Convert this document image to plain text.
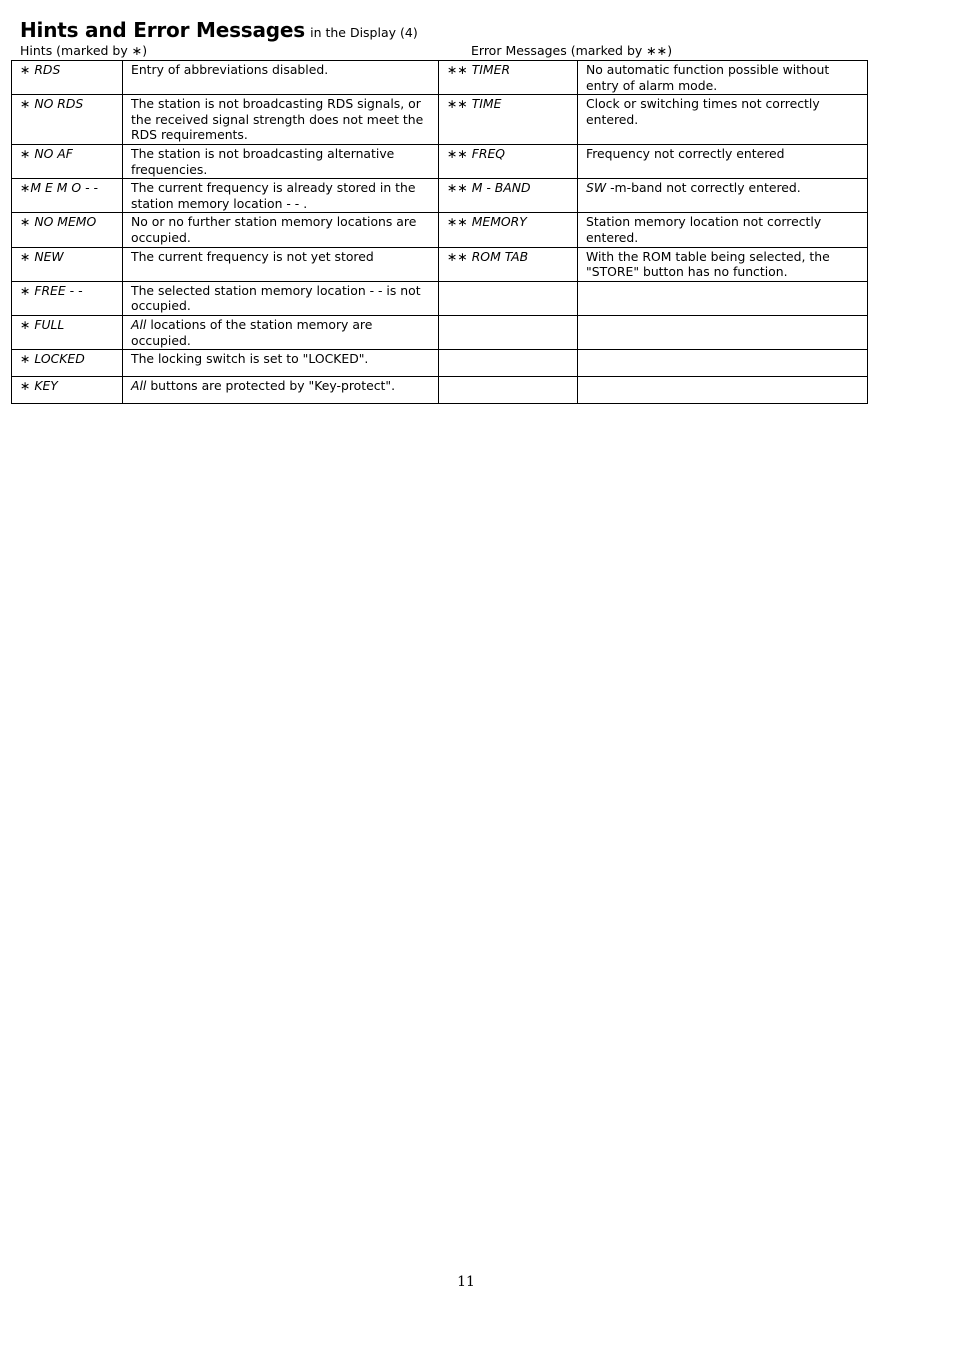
Hints and Error Messages in the Display (4)
Hints (marked by ∗)	Error Messages (marked by ∗∗)
∗ RDS	Entry of abbreviations disabled.	∗∗ TIMER	No automatic function possible without entry of alarm mode.
∗ NO RDS	The station is not broadcasting RDS signals, or the received signal strength does not meet the RDS requirements.	∗∗ TIME	Clock or switching times not correctly entered.
∗ NO AF	The station is not broadcasting alternative frequencies.	∗∗ FREQ	Frequency not correctly entered
∗M E M O - -	The current frequency is already stored in the station memory location - - .	∗∗ M - BAND	SW -m-band not correctly entered.
∗ NO MEMO	No or no further station memory locations are occupied.	∗∗ MEMORY	Station memory location not correctly entered.
∗ NEW	The current frequency is not yet stored	∗∗ ROM TAB	With the ROM table being selected, the "STORE" button has no function.
∗ FREE - -	The selected station memory location - - is not occupied.		
∗ FULL	All locations of the station memory are occupied.		
∗ LOCKED	The locking switch is set to "LOCKED".		
∗ KEY	All buttons are protected by "Key-protect".		
11
